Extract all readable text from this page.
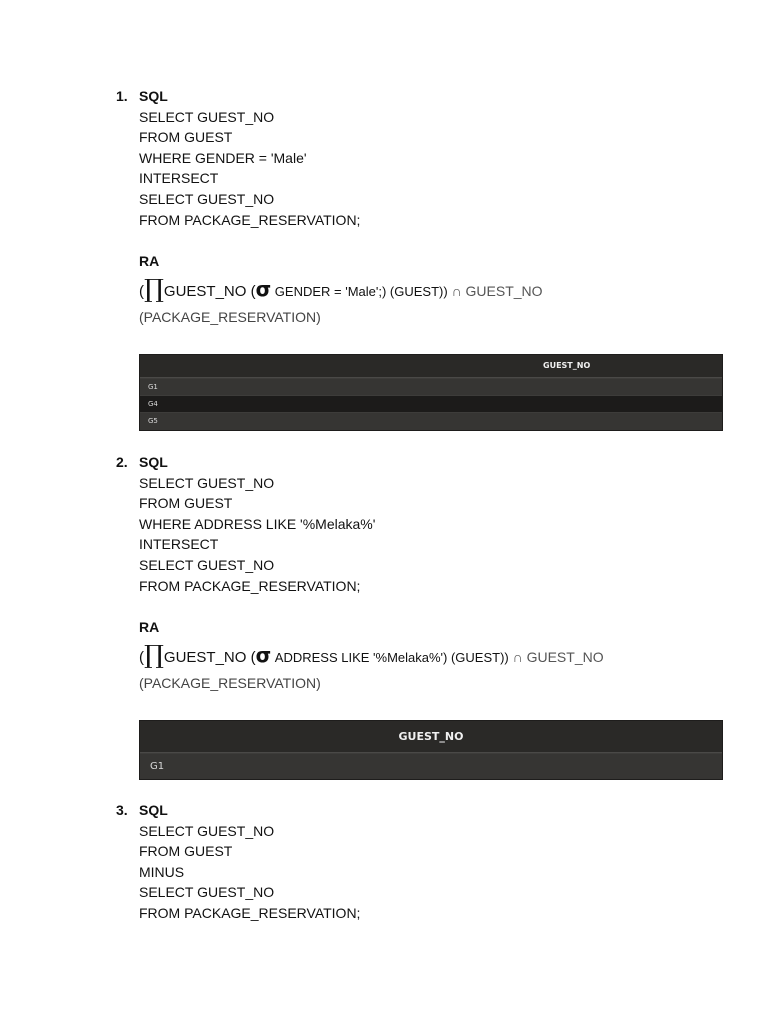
1. SQL
SELECT GUEST_NO
FROM GUEST
WHERE GENDER = 'Male'
INTERSECT
SELECT GUEST_NO
FROM PACKAGE_RESERVATION;
RA
(∏GUEST_NO (σ GENDER = 'Male';) (GUEST)) ∩ GUEST_NO
(PACKAGE_RESERVATION)
GUEST_NO
G1
G4
G5
2. SQL
SELECT GUEST_NO
FROM GUEST
WHERE ADDRESS LIKE '%Melaka%'
INTERSECT
SELECT GUEST_NO
FROM PACKAGE_RESERVATION;
RA
(∏GUEST_NO (σ ADDRESS LIKE '%Melaka%') (GUEST)) ∩ GUEST_NO
(PACKAGE_RESERVATION)
GUEST_NO
G1
3. SQL
SELECT GUEST_NO
FROM GUEST
MINUS
SELECT GUEST_NO
FROM PACKAGE_RESERVATION;
